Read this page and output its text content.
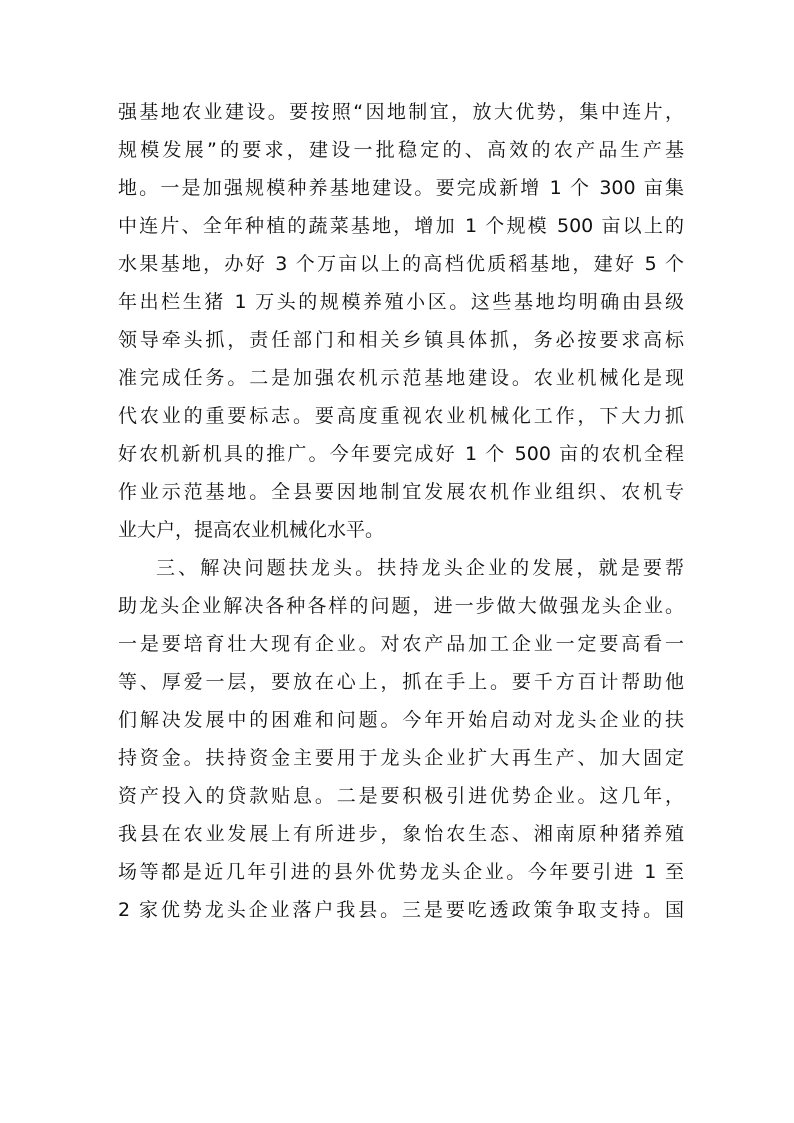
强基地农业建设。要按照“因地制宜，放大优势，集中连片，
规模发展”的要求，建设一批稳定的、高效的农产品生产基
地。一是加强规模种养基地建设。要完成新增 1 个 300 亩集
中连片、全年种植的蔬菜基地，增加 1 个规模 500 亩以上的
水果基地，办好 3 个万亩以上的高档优质稻基地，建好 5 个
年出栏生猪 1 万头的规模养殖小区。这些基地均明确由县级
领导牵头抓，责任部门和相关乡镇具体抓，务必按要求高标
准完成任务。二是加强农机示范基地建设。农业机械化是现
代农业的重要标志。要高度重视农业机械化工作，下大力抓
好农机新机具的推广。今年要完成好 1 个 500 亩的农机全程
作业示范基地。全县要因地制宜发展农机作业组织、农机专
业大户，提高农业机械化水平。
三、解决问题扶龙头。扶持龙头企业的发展，就是要帮
助龙头企业解决各种各样的问题，进一步做大做强龙头企业。
一是要培育壮大现有企业。对农产品加工企业一定要高看一
等、厚爱一层，要放在心上，抓在手上。要千方百计帮助他
们解决发展中的困难和问题。今年开始启动对龙头企业的扶
持资金。扶持资金主要用于龙头企业扩大再生产、加大固定
资产投入的贷款贴息。二是要积极引进优势企业。这几年，
我县在农业发展上有所进步，象怡农生态、湘南原种猪养殖
场等都是近几年引进的县外优势龙头企业。今年要引进 1 至
2 家优势龙头企业落户我县。三是要吃透政策争取支持。国
